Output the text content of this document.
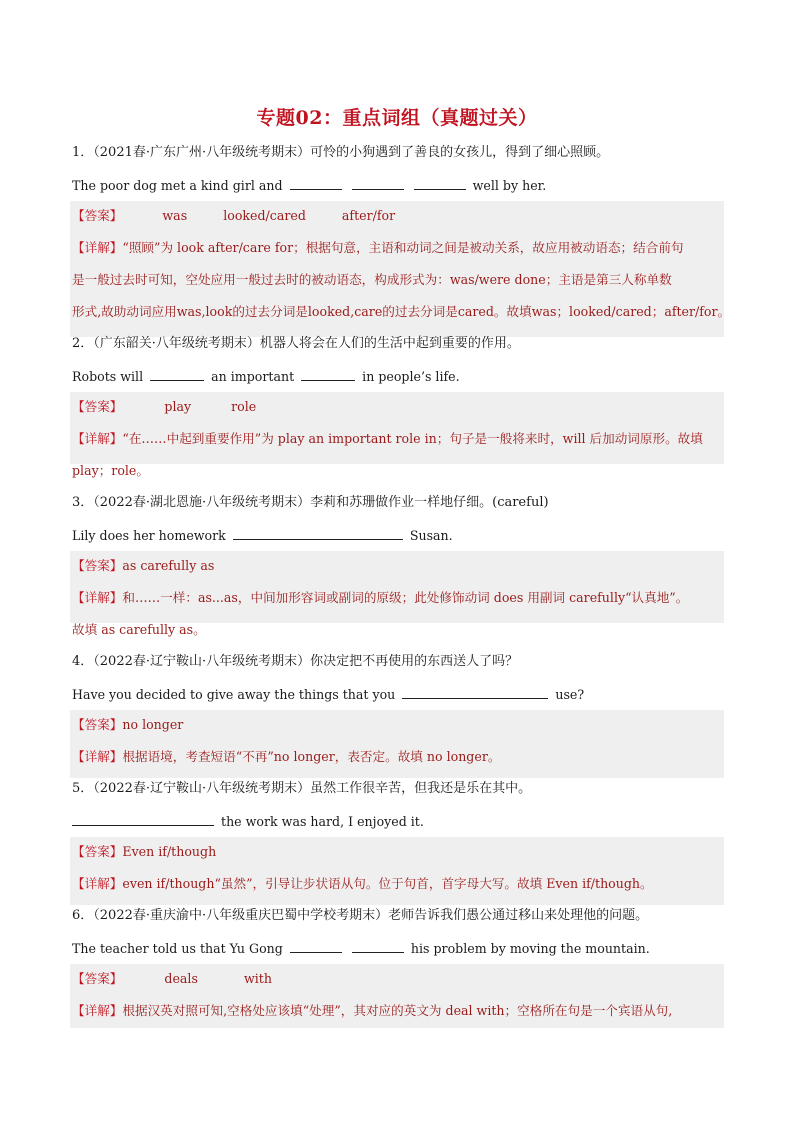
专题02：重点词组（真题过关）
1．（2021春·广东广州·八年级统考期末）可怜的小狗遇到了善良的女孩儿，得到了细心照顾。
The poor dog met a kind girl and	well by her.
【答案】	was	looked/cared	after/for
【详解】“照顾”为 look after/care for；根据句意，主语和动词之间是被动关系，故应用被动语态；结合前句
是一般过去时可知，空处应用一般过去时的被动语态，构成形式为：was/were done；主语是第三人称单数
形式,故助动词应用was,look的过去分词是looked,care的过去分词是cared。故填was；looked/cared；after/for。
2．（广东韶关·八年级统考期末）机器人将会在人们的生活中起到重要的作用。
Robots will	an important	in people’s life.
【答案】	play	role
【详解】“在……中起到重要作用”为 play an important role in；句子是一般将来时，will 后加动词原形。故填
play；role。
3．（2022春·湖北恩施·八年级统考期末）李莉和苏珊做作业一样地仔细。(careful)
Lily does her homework	Susan.
【答案】as carefully as
【详解】和……一样：as...as，中间加形容词或副词的原级；此处修饰动词 does 用副词 carefully“认真地”。
故填 as carefully as。
4．（2022春·辽宁鞍山·八年级统考期末）你决定把不再使用的东西送人了吗？
Have you decided to give away the things that you	use?
【答案】no longer
【详解】根据语境，考查短语“不再”no longer，表否定。故填 no longer。
5．（2022春·辽宁鞍山·八年级统考期末）虽然工作很辛苦，但我还是乐在其中。
the work was hard, I enjoyed it.
【答案】Even if/though
【详解】even if/though“虽然”，引导让步状语从句。位于句首，首字母大写。故填 Even if/though。
6．（2022春·重庆渝中·八年级重庆巴蜀中学校考期末）老师告诉我们愚公通过移山来处理他的问题。
The teacher told us that Yu Gong	his problem by moving the mountain.
【答案】	deals	with
【详解】根据汉英对照可知,空格处应该填“处理”，其对应的英文为 deal with；空格所在句是一个宾语从句,
